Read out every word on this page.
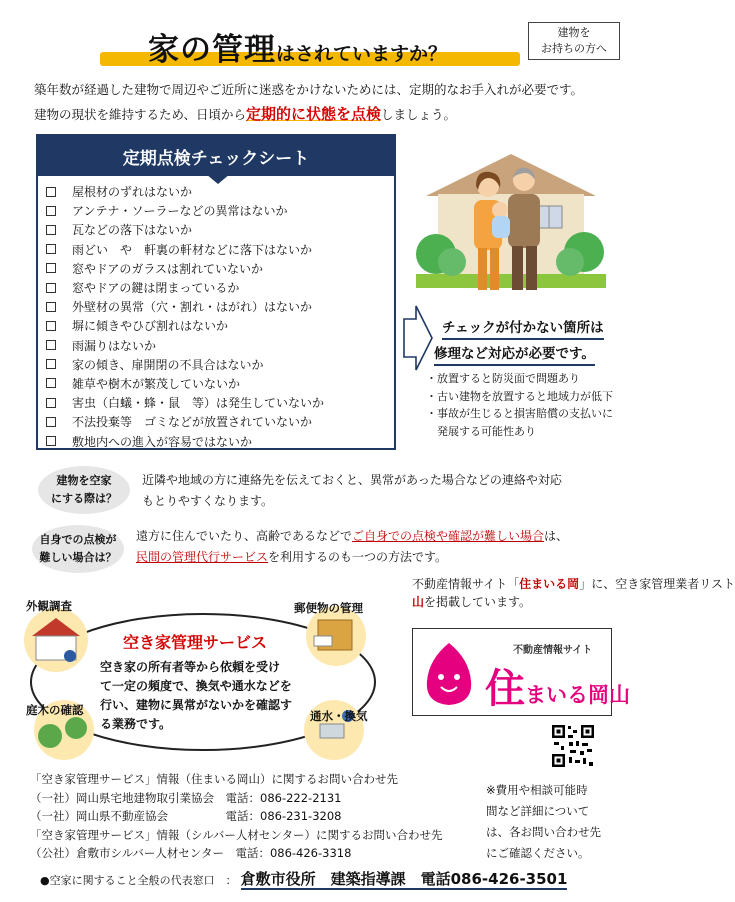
家の管理はされていますか？
建物を
お持ちの方へ
築年数が経過した建物で周辺やご近所に迷惑をかけないためには、定期的なお手入れが必要です。
建物の現状を維持するため、日頃から定期的に状態を点検しましょう。
定期点検チェックシート
屋根材のずれはないか
アンテナ・ソーラーなどの異常はないか
瓦などの落下はないか
雨どい　や　軒裏の軒材などに落下はないか
窓やドアのガラスは割れていないか
窓やドアの鍵は閉まっているか
外壁材の異常（穴・割れ・はがれ）はないか
塀に傾きやひび割れはないか
雨漏りはないか
家の傾き、扉開閉の不具合はないか
雑草や樹木が繁茂していないか
害虫（白蟻・蜂・鼠　等）は発生していないか
不法投棄等　ゴミなどが放置されていないか
敷地内への進入が容易ではないか
チェックが付かない箇所は
修理など対応が必要です。
・放置すると防災面で問題あり
・古い建物を放置すると地域力が低下
・事故が生じると損害賠償の支払いに
　発展する可能性あり
建物を空家
にする際は？
近隣や地域の方に連絡先を伝えておくと、異常があった場合などの連絡や対応
もとりやすくなります。
自身での点検が
難しい場合は？
遠方に住んでいたり、高齢であるなどでご自身での点検や確認が難しい場合は、
民間の管理代行サービスを利用するのも一つの方法です。
外観調査	郵便物の管理
庭木の確認	通水・換気
空き家管理サービス
空き家の所有者等から依頼を受け
て一定の頻度で、換気や通水などを
行い、建物に異常がないかを確認す
る業務です。
不動産情報サイト「住まいる岡」に、空き家管理業者リスト
山を掲載しています。
不動産情報サイト
住まいる岡山
「空き家管理サービス」情報（住まいる岡山）に関するお問い合わせ先
（一社）岡山県宅地建物取引業協会　電話：086-222-2131
（一社）岡山県不動産協会　　　　　電話：086-231-3208
「空き家管理サービス」情報（シルバー人材センター）に関するお問い合わせ先
（公社）倉敷市シルバー人材センター　電話：086-426-3318
※費用や相談可能時
間など詳細について
は、各お問い合わせ先
にご確認ください。
●空家に関すること全般の代表窓口　： 倉敷市役所　建築指導課　電話086-426-3501
